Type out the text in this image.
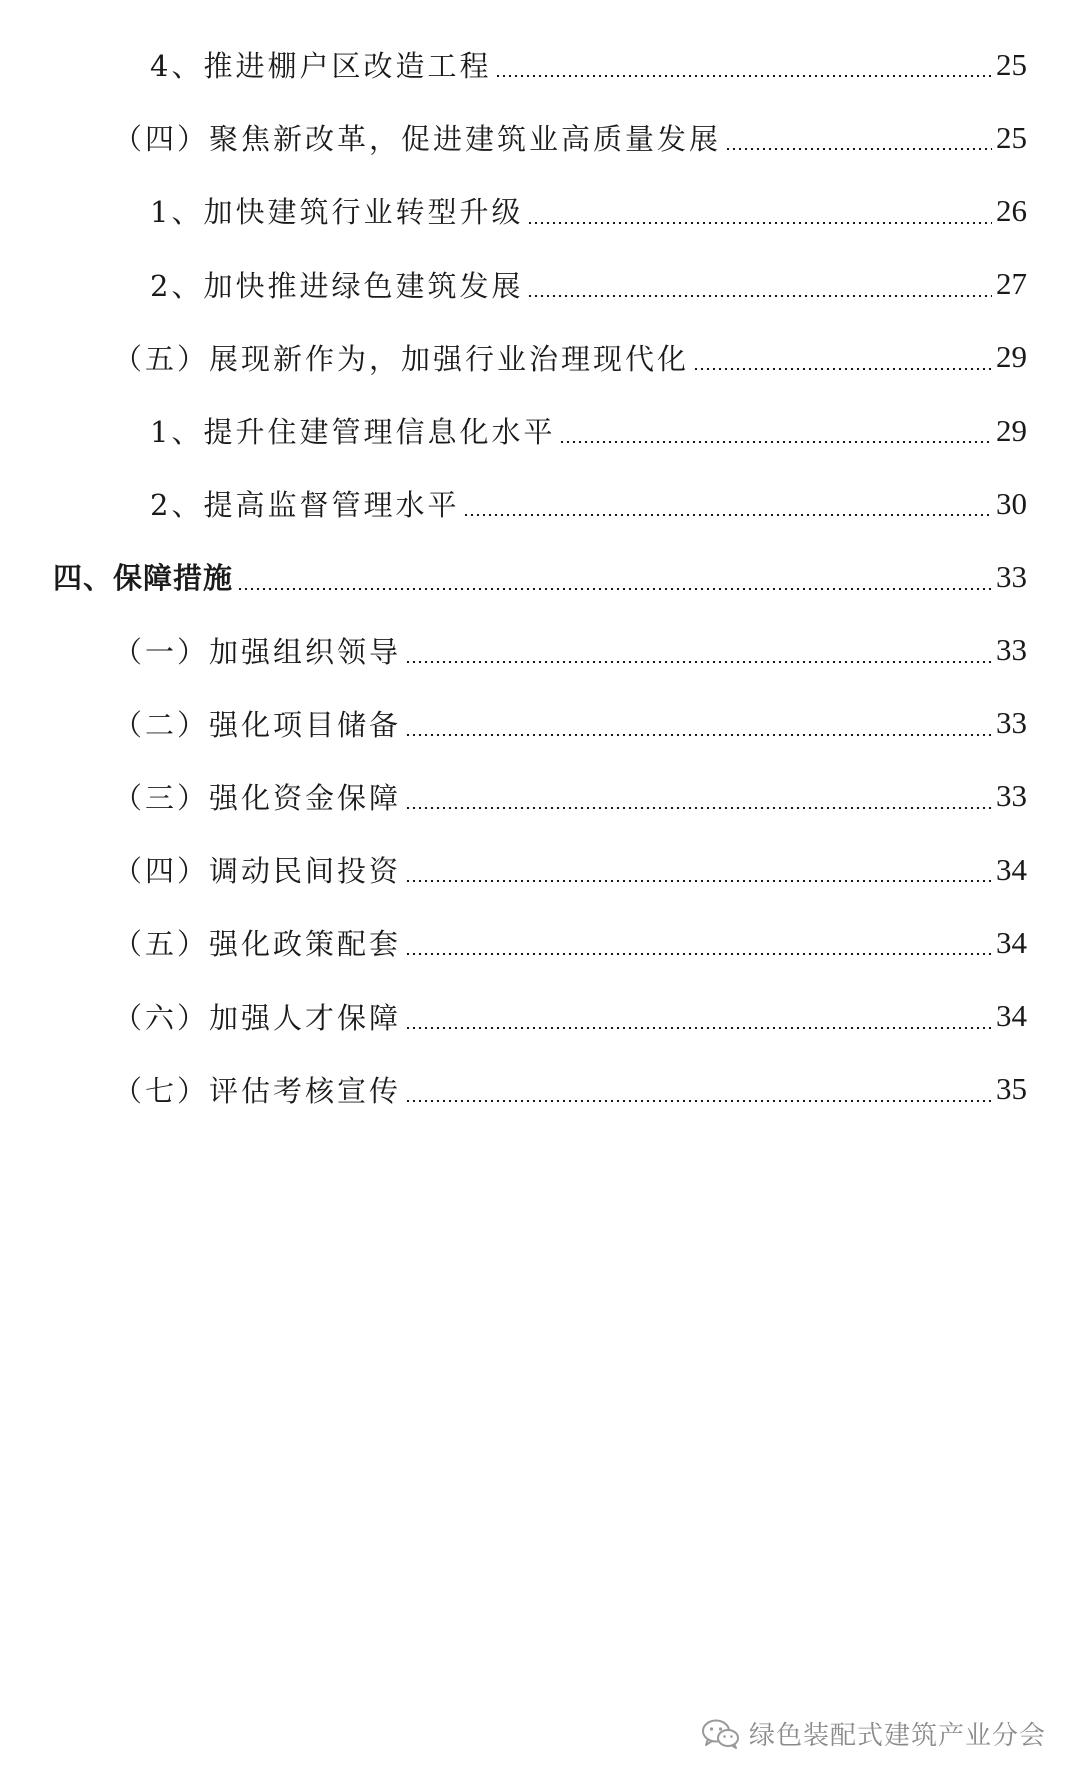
4、推进棚户区改造工程	25
（四）聚焦新改革，促进建筑业高质量发展	25
1、加快建筑行业转型升级	26
2、加快推进绿色建筑发展	27
（五）展现新作为，加强行业治理现代化	29
1、提升住建管理信息化水平	29
2、提高监督管理水平	30
四、保障措施	33
（一）加强组织领导	33
（二）强化项目储备	33
（三）强化资金保障	33
（四）调动民间投资	34
（五）强化政策配套	34
（六）加强人才保障	34
（七）评估考核宣传	35
绿色装配式建筑产业分会
